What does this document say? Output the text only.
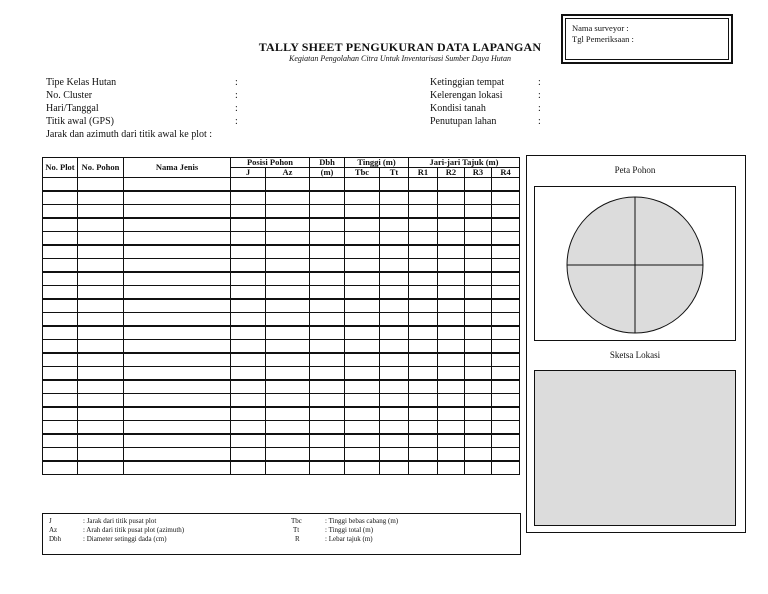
TALLY SHEET PENGUKURAN DATA LAPANGAN
Kegiatan Pengolahan Citra Untuk Inventarisasi Sumber Daya Hutan
Nama surveyor :
Tgl Pemeriksaan :
Tipe Kelas Hutan	:
No. Cluster	:
Hari/Tanggal	:
Titik awal (GPS)	:
Jarak dan azimuth dari titik awal ke plot :
Ketinggian tempat	:
Kelerengan lokasi	:
Kondisi tanah	:
Penutupan lahan	:
No. Plot	No. Pohon	Nama Jenis	Posisi Pohon		Dbh	Tinggi (m)		Jari-jari Tajuk (m)			
			J	Az	(m)	Tbc	Tt	R1	R2	R3	R4

												Peta Pohon
Sketsa Lokasi
J	: Jarak dari titik pusat plot
Az	: Arah dari titik pusat plot (azimuth)
Dbh	: Diameter setinggi dada (cm)
Tbc	: Tinggi bebas cabang (m)
Tt	: Tinggi total (m)
R	: Lebar tajuk (m)
